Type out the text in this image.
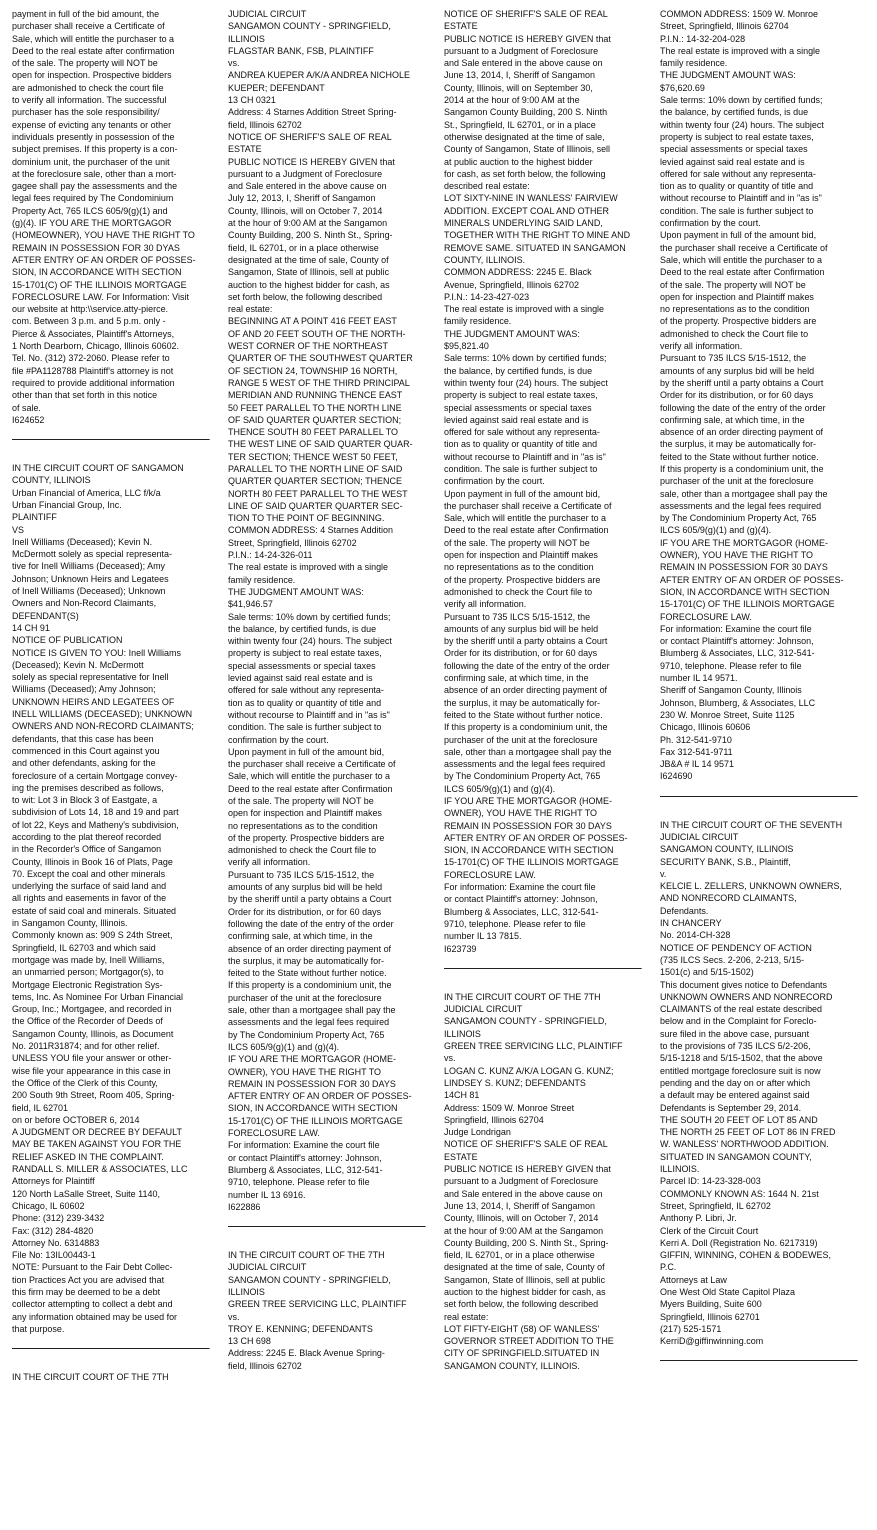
payment in full of the bid amount, the
purchaser shall receive a Certificate of
Sale, which will entitle the purchaser to a
Deed to the real estate after confirmation
of the sale. The property will NOT be
open for inspection. Prospective bidders
are admonished to check the court file
to verify all information. The successful
purchaser has the sole responsibility/
expense of evicting any tenants or other
individuals presently in possession of the
subject premises. If this property is a con-
dominium unit, the purchaser of the unit
at the foreclosure sale, other than a mort-
gagee shall pay the assessments and the
legal fees required by The Condominium
Property Act, 765 ILCS 605/9(g)(1) and
(g)(4). IF YOU ARE THE MORTGAGOR
(HOMEOWNER), YOU HAVE THE RIGHT TO
REMAIN IN POSSESSION FOR 30 DYAS
AFTER ENTRY OF AN ORDER OF POSSES-
SION, IN ACCORDANCE WITH SECTION
15-1701(C) OF THE ILLINOIS MORTGAGE
FORECLOSURE LAW. For Information: Visit
our website at http:\\service.atty-pierce.
com. Between 3 p.m. and 5 p.m. only -
Pierce & Associates, Plaintiff's Attorneys,
1 North Dearborn, Chicago, Illinois 60602.
Tel. No. (312) 372-2060. Please refer to
file #PA1128788 Plaintiff's attorney is not
required to provide additional information
other than that set forth in this notice
of sale.
I624652
IN THE CIRCUIT COURT OF SANGAMON
COUNTY, ILLINOIS
Urban Financial of America, LLC f/k/a
Urban Financial Group, Inc.
PLAINTIFF
VS
Inell Williams (Deceased); Kevin N.
McDermott solely as special representa-
tive for Inell Williams (Deceased); Amy
Johnson; Unknown Heirs and Legatees
of Inell Williams (Deceased); Unknown
Owners and Non-Record Claimants,
DEFENDANT(S)
14 CH 91
NOTICE OF PUBLICATION
NOTICE IS GIVEN TO YOU: Inell Williams
(Deceased); Kevin N. McDermott
solely as special representative for Inell
Williams (Deceased); Amy Johnson;
UNKNOWN HEIRS AND LEGATEES OF
INELL WILLIAMS (DECEASED); UNKNOWN
OWNERS AND NON-RECORD CLAIMANTS;
defendants, that this case has been
commenced in this Court against you
and other defendants, asking for the
foreclosure of a certain Mortgage convey-
ing the premises described as follows,
to wit: Lot 3 in Block 3 of Eastgate, a
subdivision of Lots 14, 18 and 19 and part
of lot 22, Keys and Matheny's subdivision,
according to the plat thereof recorded
in the Recorder's Office of Sangamon
County, Illinois in Book 16 of Plats, Page
70. Except the coal and other minerals
underlying the surface of said land and
all rights and easements in favor of the
estate of said coal and minerals. Situated
in Sangamon County, Illinois.
Commonly known as: 909 S 24th Street,
Springfield, IL 62703 and which said
mortgage was made by, Inell Williams,
an unmarried person; Mortgagor(s), to
Mortgage Electronic Registration Sys-
tems, Inc. As Nominee For Urban Financial
Group, Inc.; Mortgagee, and recorded in
the Office of the Recorder of Deeds of
Sangamon County, Illinois, as Document
No. 2011R31874; and for other relief.
UNLESS YOU file your answer or other-
wise file your appearance in this case in
the Office of the Clerk of this County,
200 South 9th Street, Room 405, Spring-
field, IL 62701
on or before OCTOBER 6, 2014
A JUDGMENT OR DECREE BY DEFAULT
MAY BE TAKEN AGAINST YOU FOR THE
RELIEF ASKED IN THE COMPLAINT.
RANDALL S. MILLER & ASSOCIATES, LLC
Attorneys for Plaintiff
120 North LaSalle Street, Suite 1140,
Chicago, IL 60602
Phone: (312) 239-3432
Fax: (312) 284-4820
Attorney No. 6314883
File No: 13IL00443-1
NOTE: Pursuant to the Fair Debt Collec-
tion Practices Act you are advised that
this firm may be deemed to be a debt
collector attempting to collect a debt and
any information obtained may be used for
that purpose.
IN THE CIRCUIT COURT OF THE 7TH
JUDICIAL CIRCUIT
SANGAMON COUNTY - SPRINGFIELD,
ILLINOIS
FLAGSTAR BANK, FSB, PLAINTIFF
vs.
ANDREA KUEPER A/K/A ANDREA NICHOLE
KUEPER; DEFENDANT
13 CH 0321
Address: 4 Starnes Addition Street Spring-
field, Illinois 62702
NOTICE OF SHERIFF'S SALE OF REAL
ESTATE
PUBLIC NOTICE IS HEREBY GIVEN that
pursuant to a Judgment of Foreclosure
and Sale entered in the above cause on
July 12, 2013, I, Sheriff of Sangamon
County, Illinois, will on October 7, 2014
at the hour of 9:00 AM at the Sangamon
County Building, 200 S. Ninth St., Spring-
field, IL 62701, or in a place otherwise
designated at the time of sale, County of
Sangamon, State of Illinois, sell at public
auction to the highest bidder for cash, as
set forth below, the following described
real estate:
BEGINNING AT A POINT 416 FEET EAST
OF AND 20 FEET SOUTH OF THE NORTH-
WEST CORNER OF THE NORTHEAST
QUARTER OF THE SOUTHWEST QUARTER
OF SECTION 24, TOWNSHIP 16 NORTH,
RANGE 5 WEST OF THE THIRD PRINCIPAL
MERIDIAN AND RUNNING THENCE EAST
50 FEET PARALLEL TO THE NORTH LINE
OF SAID QUARTER QUARTER SECTION;
THENCE SOUTH 80 FEET PARALLEL TO
THE WEST LINE OF SAID QUARTER QUAR-
TER SECTION; THENCE WEST 50 FEET,
PARALLEL TO THE NORTH LINE OF SAID
QUARTER QUARTER SECTION; THENCE
NORTH 80 FEET PARALLEL TO THE WEST
LINE OF SAID QUARTER QUARTER SEC-
TION TO THE POINT OF BEGINNING.
COMMON ADDRESS: 4 Starnes Addition
Street, Springfield, Illinois 62702
P.I.N.: 14-24-326-011
The real estate is improved with a single
family residence.
THE JUDGMENT AMOUNT WAS:
$41,946.57
Sale terms: 10% down by certified funds;
the balance, by certified funds, is due
within twenty four (24) hours. The subject
property is subject to real estate taxes,
special assessments or special taxes
levied against said real estate and is
offered for sale without any representa-
tion as to quality or quantity of title and
without recourse to Plaintiff and in "as is"
condition. The sale is further subject to
confirmation by the court.
Upon payment in full of the amount bid,
the purchaser shall receive a Certificate of
Sale, which will entitle the purchaser to a
Deed to the real estate after Confirmation
of the sale. The property will NOT be
open for inspection and Plaintiff makes
no representations as to the condition
of the property. Prospective bidders are
admonished to check the Court file to
verify all information.
Pursuant to 735 ILCS 5/15-1512, the
amounts of any surplus bid will be held
by the sheriff until a party obtains a Court
Order for its distribution, or for 60 days
following the date of the entry of the order
confirming sale, at which time, in the
absence of an order directing payment of
the surplus, it may be automatically for-
feited to the State without further notice.
If this property is a condominium unit, the
purchaser of the unit at the foreclosure
sale, other than a mortgagee shall pay the
assessments and the legal fees required
by The Condominium Property Act, 765
ILCS 605/9(g)(1) and (g)(4).
IF YOU ARE THE MORTGAGOR (HOME-
OWNER), YOU HAVE THE RIGHT TO
REMAIN IN POSSESSION FOR 30 DAYS
AFTER ENTRY OF AN ORDER OF POSSES-
SION, IN ACCORDANCE WITH SECTION
15-1701(C) OF THE ILLINOIS MORTGAGE
FORECLOSURE LAW.
For information: Examine the court file
or contact Plaintiff's attorney: Johnson,
Blumberg & Associates, LLC, 312-541-
9710, telephone. Please refer to file
number IL 13 6916.
I622886
IN THE CIRCUIT COURT OF THE 7TH
JUDICIAL CIRCUIT
SANGAMON COUNTY - SPRINGFIELD,
ILLINOIS
GREEN TREE SERVICING LLC, PLAINTIFF
vs.
TROY E. KENNING; DEFENDANTS
13 CH 698
Address: 2245 E. Black Avenue Spring-
field, Illinois 62702
NOTICE OF SHERIFF'S SALE OF REAL
ESTATE
PUBLIC NOTICE IS HEREBY GIVEN that
pursuant to a Judgment of Foreclosure
and Sale entered in the above cause on
June 13, 2014, I, Sheriff of Sangamon
County, Illinois, will on September 30,
2014 at the hour of 9:00 AM at the
Sangamon County Building, 200 S. Ninth
St., Springfield, IL 62701, or in a place
otherwise designated at the time of sale,
County of Sangamon, State of Illinois, sell
at public auction to the highest bidder
for cash, as set forth below, the following
described real estate:
LOT SIXTY-NINE IN WANLESS' FAIRVIEW
ADDITION. EXCEPT COAL AND OTHER
MINERALS UNDERLYING SAID LAND,
TOGETHER WITH THE RIGHT TO MINE AND
REMOVE SAME. SITUATED IN SANGAMON
COUNTY, ILLINOIS.
COMMON ADDRESS: 2245 E. Black
Avenue, Springfield, Illinois 62702
P.I.N.: 14-23-427-023
The real estate is improved with a single
family residence.
THE JUDGMENT AMOUNT WAS:
$95,821.40
Sale terms: 10% down by certified funds;
the balance, by certified funds, is due
within twenty four (24) hours. The subject
property is subject to real estate taxes,
special assessments or special taxes
levied against said real estate and is
offered for sale without any representa-
tion as to quality or quantity of title and
without recourse to Plaintiff and in "as is"
condition. The sale is further subject to
confirmation by the court.
Upon payment in full of the amount bid,
the purchaser shall receive a Certificate of
Sale, which will entitle the purchaser to a
Deed to the real estate after Confirmation
of the sale. The property will NOT be
open for inspection and Plaintiff makes
no representations as to the condition
of the property. Prospective bidders are
admonished to check the Court file to
verify all information.
Pursuant to 735 ILCS 5/15-1512, the
amounts of any surplus bid will be held
by the sheriff until a party obtains a Court
Order for its distribution, or for 60 days
following the date of the entry of the order
confirming sale, at which time, in the
absence of an order directing payment of
the surplus, it may be automatically for-
feited to the State without further notice.
If this property is a condominium unit, the
purchaser of the unit at the foreclosure
sale, other than a mortgagee shall pay the
assessments and the legal fees required
by The Condominium Property Act, 765
ILCS 605/9(g)(1) and (g)(4).
IF YOU ARE THE MORTGAGOR (HOME-
OWNER), YOU HAVE THE RIGHT TO
REMAIN IN POSSESSION FOR 30 DAYS
AFTER ENTRY OF AN ORDER OF POSSES-
SION, IN ACCORDANCE WITH SECTION
15-1701(C) OF THE ILLINOIS MORTGAGE
FORECLOSURE LAW.
For information: Examine the court file
or contact Plaintiff's attorney: Johnson,
Blumberg & Associates, LLC, 312-541-
9710, telephone. Please refer to file
number IL 13 7815.
I623739
IN THE CIRCUIT COURT OF THE 7TH
JUDICIAL CIRCUIT
SANGAMON COUNTY - SPRINGFIELD,
ILLINOIS
GREEN TREE SERVICING LLC, PLAINTIFF
vs.
LOGAN C. KUNZ A/K/A LOGAN G. KUNZ;
LINDSEY S. KUNZ; DEFENDANTS
14CH 81
Address: 1509 W. Monroe Street
Springfield, Illinois 62704
Judge Londrigan
NOTICE OF SHERIFF'S SALE OF REAL
ESTATE
PUBLIC NOTICE IS HEREBY GIVEN that
pursuant to a Judgment of Foreclosure
and Sale entered in the above cause on
June 13, 2014, I, Sheriff of Sangamon
County, Illinois, will on October 7, 2014
at the hour of 9:00 AM at the Sangamon
County Building, 200 S. Ninth St., Spring-
field, IL 62701, or in a place otherwise
designated at the time of sale, County of
Sangamon, State of Illinois, sell at public
auction to the highest bidder for cash, as
set forth below, the following described
real estate:
LOT FIFTY-EIGHT (58) OF WANLESS'
GOVERNOR STREET ADDITION TO THE
CITY OF SPRINGFIELD.SITUATED IN
SANGAMON COUNTY, ILLINOIS.
COMMON ADDRESS: 1509 W. Monroe
Street, Springfield, Illinois 62704
P.I.N.: 14-32-204-028
The real estate is improved with a single
family residence.
THE JUDGMENT AMOUNT WAS:
$76,620.69
Sale terms: 10% down by certified funds;
the balance, by certified funds, is due
within twenty four (24) hours. The subject
property is subject to real estate taxes,
special assessments or special taxes
levied against said real estate and is
offered for sale without any representa-
tion as to quality or quantity of title and
without recourse to Plaintiff and in "as is"
condition. The sale is further subject to
confirmation by the court.
Upon payment in full of the amount bid,
the purchaser shall receive a Certificate of
Sale, which will entitle the purchaser to a
Deed to the real estate after Confirmation
of the sale. The property will NOT be
open for inspection and Plaintiff makes
no representations as to the condition
of the property. Prospective bidders are
admonished to check the Court file to
verify all information.
Pursuant to 735 ILCS 5/15-1512, the
amounts of any surplus bid will be held
by the sheriff until a party obtains a Court
Order for its distribution, or for 60 days
following the date of the entry of the order
confirming sale, at which time, in the
absence of an order directing payment of
the surplus, it may be automatically for-
feited to the State without further notice.
If this property is a condominium unit, the
purchaser of the unit at the foreclosure
sale, other than a mortgagee shall pay the
assessments and the legal fees required
by The Condominium Property Act, 765
ILCS 605/9(g)(1) and (g)(4).
IF YOU ARE THE MORTGAGOR (HOME-
OWNER), YOU HAVE THE RIGHT TO
REMAIN IN POSSESSION FOR 30 DAYS
AFTER ENTRY OF AN ORDER OF POSSES-
SION, IN ACCORDANCE WITH SECTION
15-1701(C) OF THE ILLINOIS MORTGAGE
FORECLOSURE LAW.
For information: Examine the court file
or contact Plaintiff's attorney: Johnson,
Blumberg & Associates, LLC, 312-541-
9710, telephone. Please refer to file
number IL 14 9571.
Sheriff of Sangamon County, Illinois
Johnson, Blumberg, & Associates, LLC
230 W. Monroe Street, Suite 1125
Chicago, Illinois 60606
Ph. 312-541-9710
Fax 312-541-9711
JB&A # IL 14 9571
I624690
IN THE CIRCUIT COURT OF THE SEVENTH
JUDICIAL CIRCUIT
SANGAMON COUNTY, ILLINOIS
SECURITY BANK, S.B., Plaintiff,
v.
KELCIE L. ZELLERS, UNKNOWN OWNERS,
AND NONRECORD CLAIMANTS,
Defendants.
IN CHANCERY
No. 2014-CH-328
NOTICE OF PENDENCY OF ACTION
(735 ILCS Secs. 2-206, 2-213, 5/15-
1501(c) and 5/15-1502)
This document gives notice to Defendants
UNKNOWN OWNERS AND NONRECORD
CLAIMANTS of the real estate described
below and in the Complaint for Foreclo-
sure filed in the above case, pursuant
to the provisions of 735 ILCS 5/2-206,
5/15-1218 and 5/15-1502, that the above
entitled mortgage foreclosure suit is now
pending and the day on or after which
a default may be entered against said
Defendants is September 29, 2014.
THE SOUTH 20 FEET OF LOT 85 AND
THE NORTH 25 FEET OF LOT 86 IN FRED
W. WANLESS' NORTHWOOD ADDITION.
SITUATED IN SANGAMON COUNTY,
ILLINOIS.
Parcel ID: 14-23-328-003
COMMONLY KNOWN AS: 1644 N. 21st
Street, Springfield, IL 62702
Anthony P. Libri, Jr.
Clerk of the Circuit Court
Kerri A. Doll (Registration No. 6217319)
GIFFIN, WINNING, COHEN & BODEWES,
P.C.
Attorneys at Law
One West Old State Capitol Plaza
Myers Building, Suite 600
Springfield, Illinois 62701
(217) 525-1571
KerriD@giffinwinning.com
